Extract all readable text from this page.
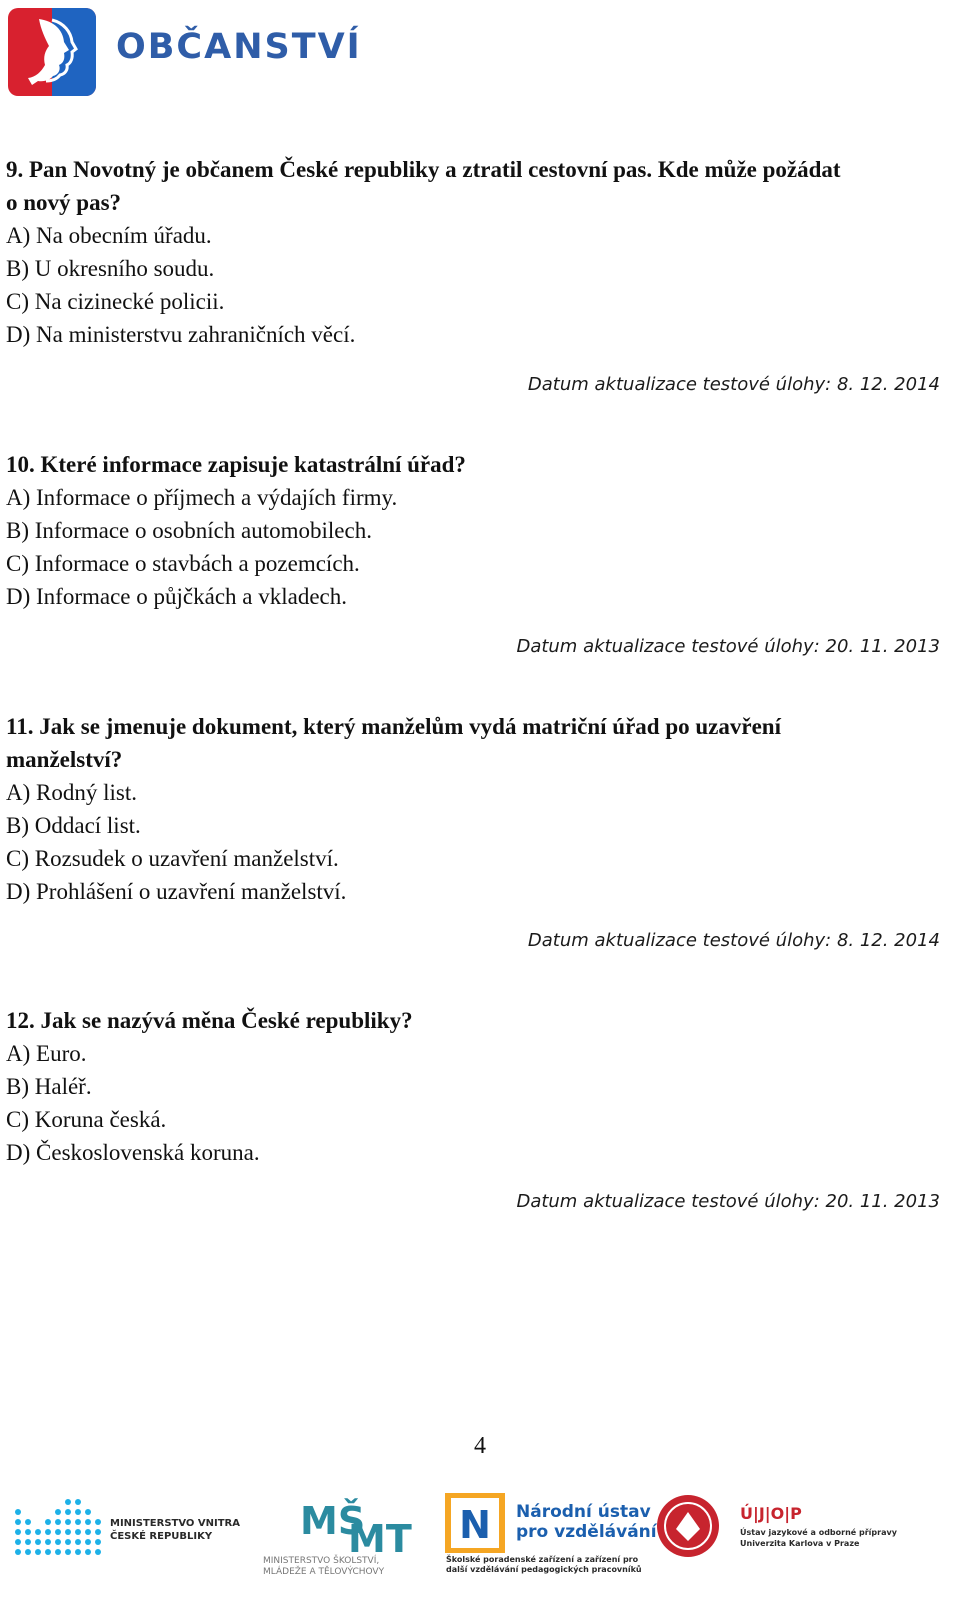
OBČANSTVÍ
9. Pan Novotný je občanem České republiky a ztratil cestovní pas. Kde může požádat
o nový pas?
A) Na obecním úřadu.
B) U okresního soudu.
C) Na cizinecké policii.
D) Na ministerstvu zahraničních věcí.
Datum aktualizace testové úlohy: 8. 12. 2014
10. Které informace zapisuje katastrální úřad?
A) Informace o příjmech a výdajích firmy.
B) Informace o osobních automobilech.
C) Informace o stavbách a pozemcích.
D) Informace o půjčkách a vkladech.
Datum aktualizace testové úlohy: 20. 11. 2013
11. Jak se jmenuje dokument, který manželům vydá matriční úřad po uzavření
manželství?
A) Rodný list.
B) Oddací list.
C) Rozsudek o uzavření manželství.
D) Prohlášení o uzavření manželství.
Datum aktualizace testové úlohy: 8. 12. 2014
12. Jak se nazývá měna České republiky?
A) Euro.
B) Haléř.
C) Koruna česká.
D) Československá koruna.
Datum aktualizace testové úlohy: 20. 11. 2013
4
MINISTERSTVO VNITRA
ČESKÉ REPUBLIKY	MŠ
MT
MINISTERSTVO ŠKOLSTVÍ,
MLÁDEŽE A TĚLOVÝCHOVY
N Národní ústav
pro vzdělávání
Školské poradenské zařízení a zařízení pro
další vzdělávání pedagogických pracovníků
Ú|J|O|P
Ústav jazykové a odborné přípravy
Univerzita Karlova v Praze
